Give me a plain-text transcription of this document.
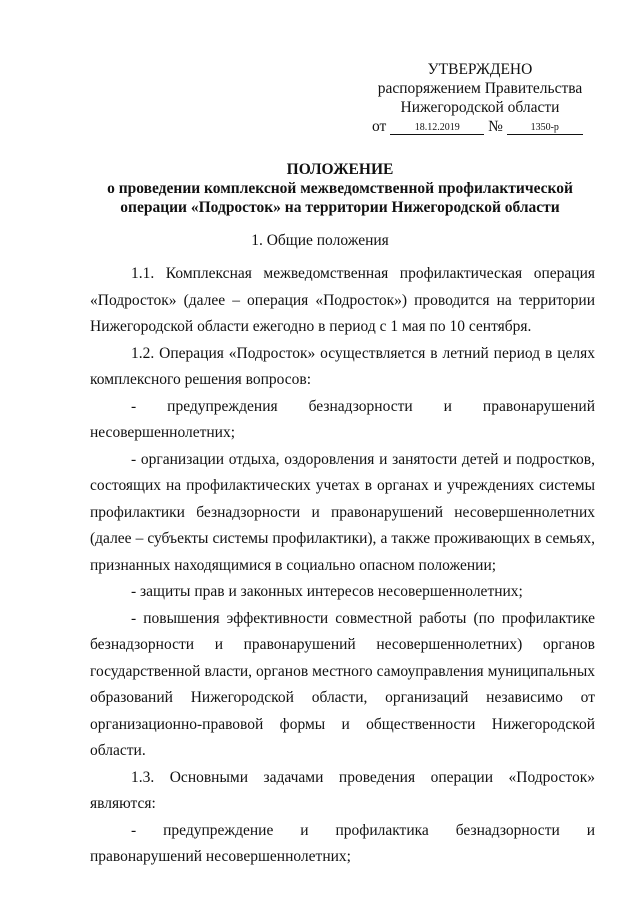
УТВЕРЖДЕНО
распоряжением Правительства
Нижегородской области
от	18.12.2019 №	1350-р
ПОЛОЖЕНИЕ
о проведении комплексной межведомственной профилактической
операции «Подросток» на территории Нижегородской области
1. Общие положения

1.1. Комплексная межведомственная профилактическая операция «Подросток» (далее – операция «Подросток») проводится на территории Нижегородской области ежегодно в период с 1 мая по 10 сентября.

1.2. Операция «Подросток» осуществляется в летний период в целях комплексного решения вопросов:

- предупреждения безнадзорности и правонарушений несовершеннолетних;

- организации отдыха, оздоровления и занятости детей и подростков, состоящих на профилактических учетах в органах и учреждениях системы профилактики безнадзорности и правонарушений несовершеннолетних (далее – субъекты системы профилактики), а также проживающих в семьях, признанных находящимися в социально опасном положении;

- защиты прав и законных интересов несовершеннолетних;

- повышения эффективности совместной работы (по профилактике безнадзорности и правонарушений несовершеннолетних) органов государственной власти, органов местного самоуправления муниципальных образований Нижегородской области, организаций независимо от организационно-правовой формы и общественности Нижегородской области.

1.3. Основными задачами проведения операции «Подросток» являются:

- предупреждение и профилактика безнадзорности и правонарушений несовершеннолетних;
